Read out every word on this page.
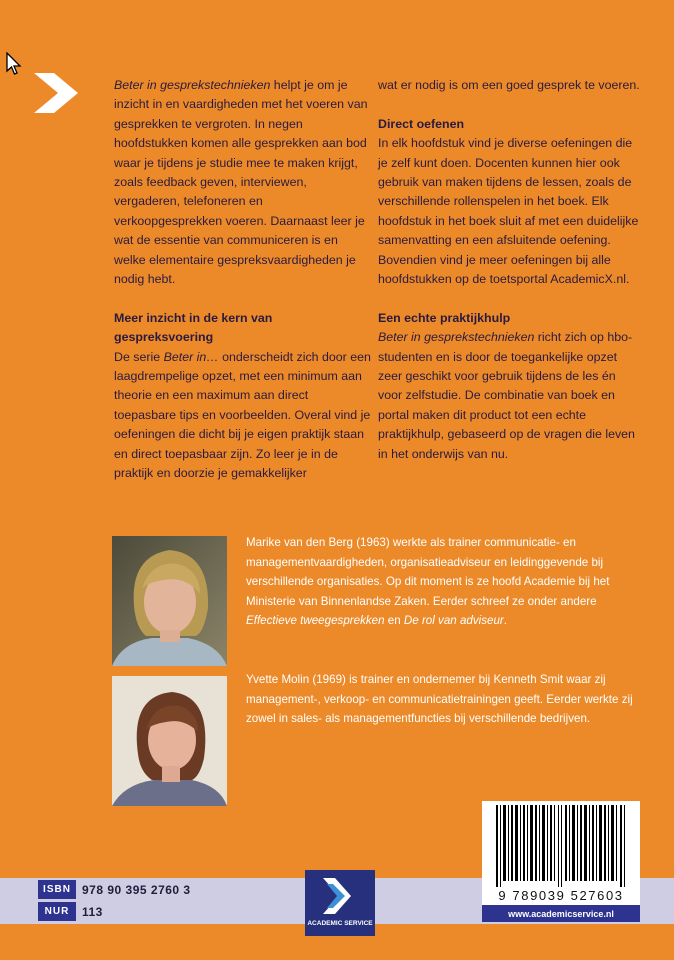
Beter in gesprekstechnieken helpt je om je inzicht in en vaardigheden met het voeren van gesprekken te vergroten. In negen hoofdstukken komen alle gesprekken aan bod waar je tijdens je studie mee te maken krijgt, zoals feedback geven, interviewen, vergaderen, telefoneren en verkoopgesprekken voeren. Daarnaast leer je wat de essentie van communiceren is en welke elementaire gespreksvaardigheden je nodig hebt.

Meer inzicht in de kern van gespreksvoering

De serie Beter in… onderscheidt zich door een laagdrempelige opzet, met een minimum aan theorie en een maximum aan direct toepasbare tips en voorbeelden. Overal vind je oefeningen die dicht bij je eigen praktijk staan en direct toepasbaar zijn. Zo leer je in de praktijk en doorzie je gemakkelijker

wat er nodig is om een goed gesprek te voeren.

Direct oefenen

In elk hoofdstuk vind je diverse oefeningen die je zelf kunt doen. Docenten kunnen hier ook gebruik van maken tijdens de lessen, zoals de verschillende rollenspelen in het boek. Elk hoofdstuk in het boek sluit af met een duidelijke samenvatting en een afsluitende oefening. Bovendien vind je meer oefeningen bij alle hoofdstukken op de toetsportal AcademicX.nl.

Een echte praktijkhulp

Beter in gesprekstechnieken richt zich op hbo-studenten en is door de toegankelijke opzet zeer geschikt voor gebruik tijdens de les én voor zelfstudie. De combinatie van boek en portal maken dit product tot een echte praktijkhulp, gebaseerd op de vragen die leven in het onderwijs van nu.

Marike van den Berg (1963) werkte als trainer communicatie- en managementvaardigheden, organisatieadviseur en leidinggevende bij verschillende organisaties. Op dit moment is ze hoofd Academie bij het Ministerie van Binnenlandse Zaken. Eerder schreef ze onder andere Effectieve tweegesprekken en De rol van adviseur.

Yvette Molin (1969) is trainer en ondernemer bij Kenneth Smit waar zij management-, verkoop- en communicatietrainingen geeft. Eerder werkte zij zowel in sales- als managementfuncties bij verschillende bedrijven.

ISBN 978 90 395 2760 3
NUR	113
ACADEMIC SERVICE
9 789039 527603
www.academicservice.nl
